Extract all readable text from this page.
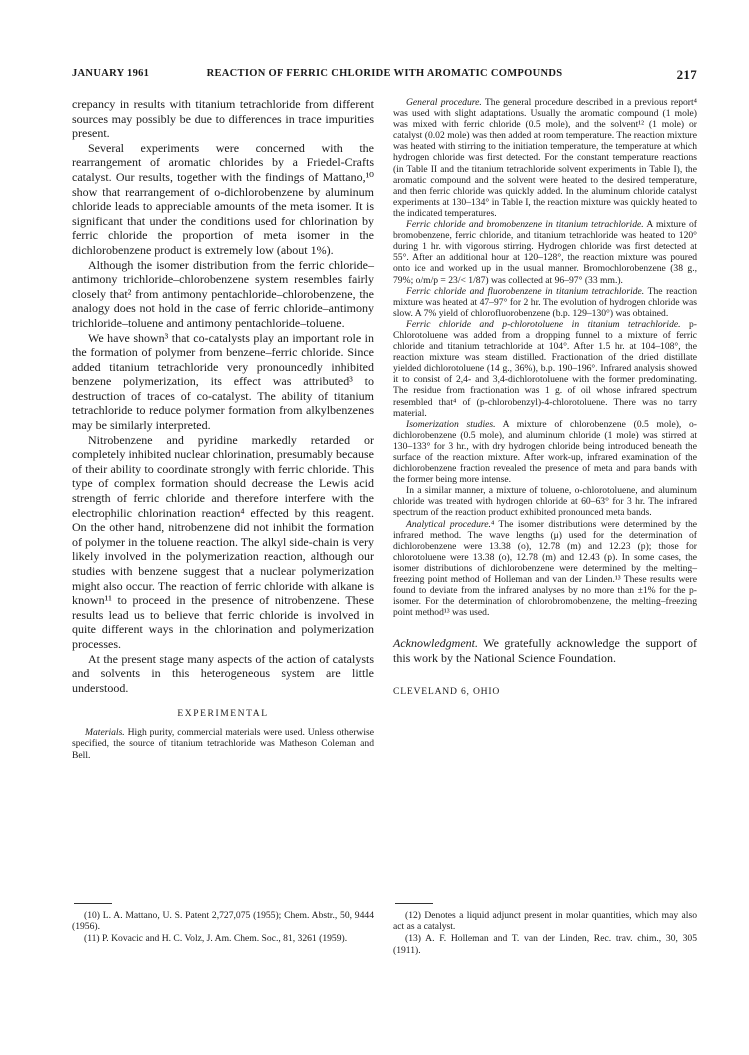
JANUARY 1961	REACTION OF FERRIC CHLORIDE WITH AROMATIC COMPOUNDS	217

crepancy in results with titanium tetrachloride from different sources may possibly be due to differences in trace impurities present.

Several experiments were concerned with the rearrangement of aromatic chlorides by a Friedel-Crafts catalyst. Our results, together with the findings of Mattano,¹⁰ show that rearrangement of o-dichlorobenzene by aluminum chloride leads to appreciable amounts of the meta isomer. It is significant that under the conditions used for chlorination by ferric chloride the proportion of meta isomer in the dichlorobenzene product is extremely low (about 1%).

Although the isomer distribution from the ferric chloride–antimony trichloride–chlorobenzene system resembles fairly closely that² from antimony pentachloride–chlorobenzene, the analogy does not hold in the case of ferric chloride–antimony trichloride–toluene and antimony pentachloride–toluene.

We have shown³ that co-catalysts play an important role in the formation of polymer from benzene–ferric chloride. Since added titanium tetrachloride very pronouncedly inhibited benzene polymerization, its effect was attributed³ to destruction of traces of co-catalyst. The ability of titanium tetrachloride to reduce polymer formation from alkylbenzenes may be similarly interpreted.

Nitrobenzene and pyridine markedly retarded or completely inhibited nuclear chlorination, presumably because of their ability to coordinate strongly with ferric chloride. This type of complex formation should decrease the Lewis acid strength of ferric chloride and therefore interfere with the electrophilic chlorination reaction⁴ effected by this reagent. On the other hand, nitrobenzene did not inhibit the formation of polymer in the toluene reaction. The alkyl side-chain is very likely involved in the polymerization reaction, although our studies with benzene suggest that a nuclear polymerization might also occur. The reaction of ferric chloride with alkane is known¹¹ to proceed in the presence of nitrobenzene. These results lead us to believe that ferric chloride is involved in quite different ways in the chlorination and polymerization processes.

At the present stage many aspects of the action of catalysts and solvents in this heterogeneous system are little understood.

EXPERIMENTAL

Materials. High purity, commercial materials were used. Unless otherwise specified, the source of titanium tetrachloride was Matheson Coleman and Bell.

General procedure. The general procedure described in a previous report⁴ was used with slight adaptations. Usually the aromatic compound (1 mole) was mixed with ferric chloride (0.5 mole), and the solvent¹² (1 mole) or catalyst (0.02 mole) was then added at room temperature. The reaction mixture was heated with stirring to the initiation temperature, the temperature at which hydrogen chloride was first detected. For the constant temperature reactions (in Table II and the titanium tetrachloride solvent experiments in Table I), the aromatic compound and the solvent were heated to the desired temperature, and then ferric chloride was quickly added. In the aluminum chloride catalyst experiments at 130–134° in Table I, the reaction mixture was quickly heated to the indicated temperatures.

Ferric chloride and bromobenzene in titanium tetrachloride. A mixture of bromobenzene, ferric chloride, and titanium tetrachloride was heated to 120° during 1 hr. with vigorous stirring. Hydrogen chloride was first detected at 55°. After an additional hour at 120–128°, the reaction mixture was poured onto ice and worked up in the usual manner. Bromochlorobenzene (38 g., 79%; o/m/p = 23/< 1/87) was collected at 96–97° (33 mm.).

Ferric chloride and fluorobenzene in titanium tetrachloride. The reaction mixture was heated at 47–97° for 2 hr. The evolution of hydrogen chloride was slow. A 7% yield of chlorofluorobenzene (b.p. 129–130°) was obtained.

Ferric chloride and p-chlorotoluene in titanium tetrachloride. p-Chlorotoluene was added from a dropping funnel to a mixture of ferric chloride and titanium tetrachloride at 104°. After 1.5 hr. at 104–108°, the reaction mixture was steam distilled. Fractionation of the dried distillate yielded dichlorotoluene (14 g., 36%), b.p. 190–196°. Infrared analysis showed it to consist of 2,4- and 3,4-dichlorotoluene with the former predominating. The residue from fractionation was 1 g. of oil whose infrared spectrum resembled that⁴ of (p-chlorobenzyl)-4-chlorotoluene. There was no tarry material.

Isomerization studies. A mixture of chlorobenzene (0.5 mole), o-dichlorobenzene (0.5 mole), and aluminum chloride (1 mole) was stirred at 130–133° for 3 hr., with dry hydrogen chloride being introduced beneath the surface of the reaction mixture. After work-up, infrared examination of the dichlorobenzene fraction revealed the presence of meta and para bands with the former being more intense.

In a similar manner, a mixture of toluene, o-chlorotoluene, and aluminum chloride was treated with hydrogen chloride at 60–63° for 3 hr. The infrared spectrum of the reaction product exhibited pronounced meta bands.

Analytical procedure.⁴ The isomer distributions were determined by the infrared method. The wave lengths (μ) used for the determination of dichlorobenzene were 13.38 (o), 12.78 (m) and 12.23 (p); those for chlorotoluene were 13.38 (o), 12.78 (m) and 12.43 (p). In some cases, the isomer distributions of dichlorobenzene were determined by the melting–freezing point method of Holleman and van der Linden.¹³ These results were found to deviate from the infrared analyses by no more than ±1% for the p-isomer. For the determination of chlorobromobenzene, the melting–freezing point method¹³ was used.

Acknowledgment. We gratefully acknowledge the support of this work by the National Science Foundation.

CLEVELAND 6, OHIO
(10) L. A. Mattano, U. S. Patent 2,727,075 (1955); Chem. Abstr., 50, 9444 (1956).
(11) P. Kovacic and H. C. Volz, J. Am. Chem. Soc., 81, 3261 (1959).
(12) Denotes a liquid adjunct present in molar quantities, which may also act as a catalyst.
(13) A. F. Holleman and T. van der Linden, Rec. trav. chim., 30, 305 (1911).
